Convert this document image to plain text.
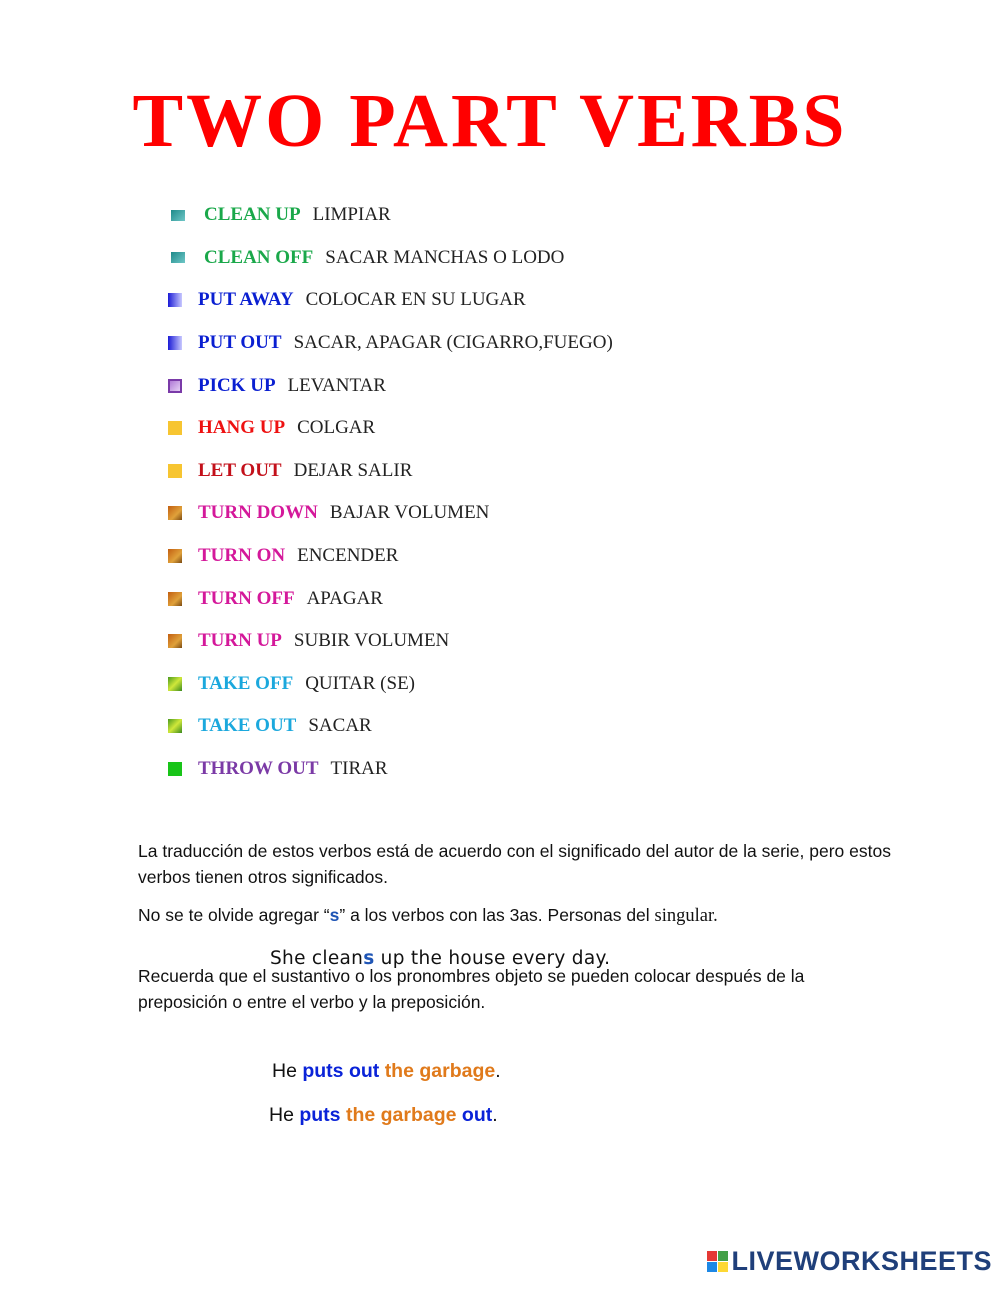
TWO PART VERBS
CLEAN UP LIMPIAR
CLEAN OFF SACAR MANCHAS O LODO
PUT AWAY COLOCAR EN SU LUGAR
PUT OUT SACAR, APAGAR (CIGARRO,FUEGO)
PICK UP LEVANTAR
HANG UP COLGAR
LET OUT DEJAR SALIR
TURN DOWN BAJAR VOLUMEN
TURN ON ENCENDER
TURN OFF APAGAR
TURN UP SUBIR VOLUMEN
TAKE OFF QUITAR (SE)
TAKE OUT SACAR
THROW OUT TIRAR

La traducción de estos verbos está de acuerdo con el significado del autor de la serie, pero estos verbos tienen otros significados.

No se te olvide agregar “s” a los verbos con las 3as. Personas del singular.

Recuerda que el sustantivo o los pronombres objeto se pueden colocar después de la preposición o entre el verbo y la preposición.

She cleans up the house every day.
He puts out the garbage.
He puts the garbage out.
LIVEWORKSHEETS
